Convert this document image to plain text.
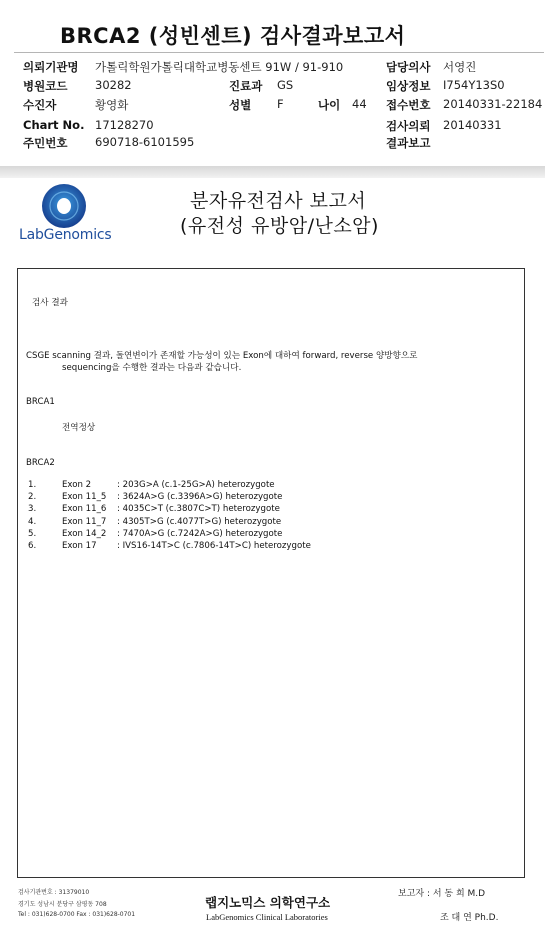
BRCA2 (성빈센트) 검사결과보고서
의뢰기관명 가톨릭학원가톨릭대학교병동센트 91W / 91-910	담당의사 서영진
병원코드 30282	진료과 GS	임상정보 I754Y13S0
수진자	황영화	성별 F	나이 44 접수번호 20140331-22184
Chart No. 17128270	검사의뢰 20140331
주민번호 690718-6101595	결과보고
LabGenomics
분자유전검사 보고서
(유전성 유방암/난소암)
검사 결과
CSGE scanning 결과, 돌연변이가 존재할 가능성이 있는 Exon에 대하여 forward, reverse 양방향으로
sequencing을 수행한 결과는 다음과 같습니다.
BRCA1
전역정상
BRCA2
1.	Exon 2	: 203G>A (c.1-25G>A) heterozygote
2.	Exon 11_5 : 3624A>G (c.3396A>G) heterozygote
3.	Exon 11_6 : 4035C>T (c.3807C>T) heterozygote
4.	Exon 11_7 : 4305T>G (c.4077T>G) heterozygote
5.	Exon 14_2 : 7470A>G (c.7242A>G) heterozygote
6.	Exon 17 : IVS16-14T>C (c.7806-14T>C) heterozygote
검사기관번호 : 31379010
경기도 성남시 분당구 삼평동 708
Tel : 031)628-0700 Fax : 031)628-0701
랩지노믹스 의학연구소
LabGenomics Clinical Laboratories
보고자 : 서 동 희 M.D
조 대 연 Ph.D.
